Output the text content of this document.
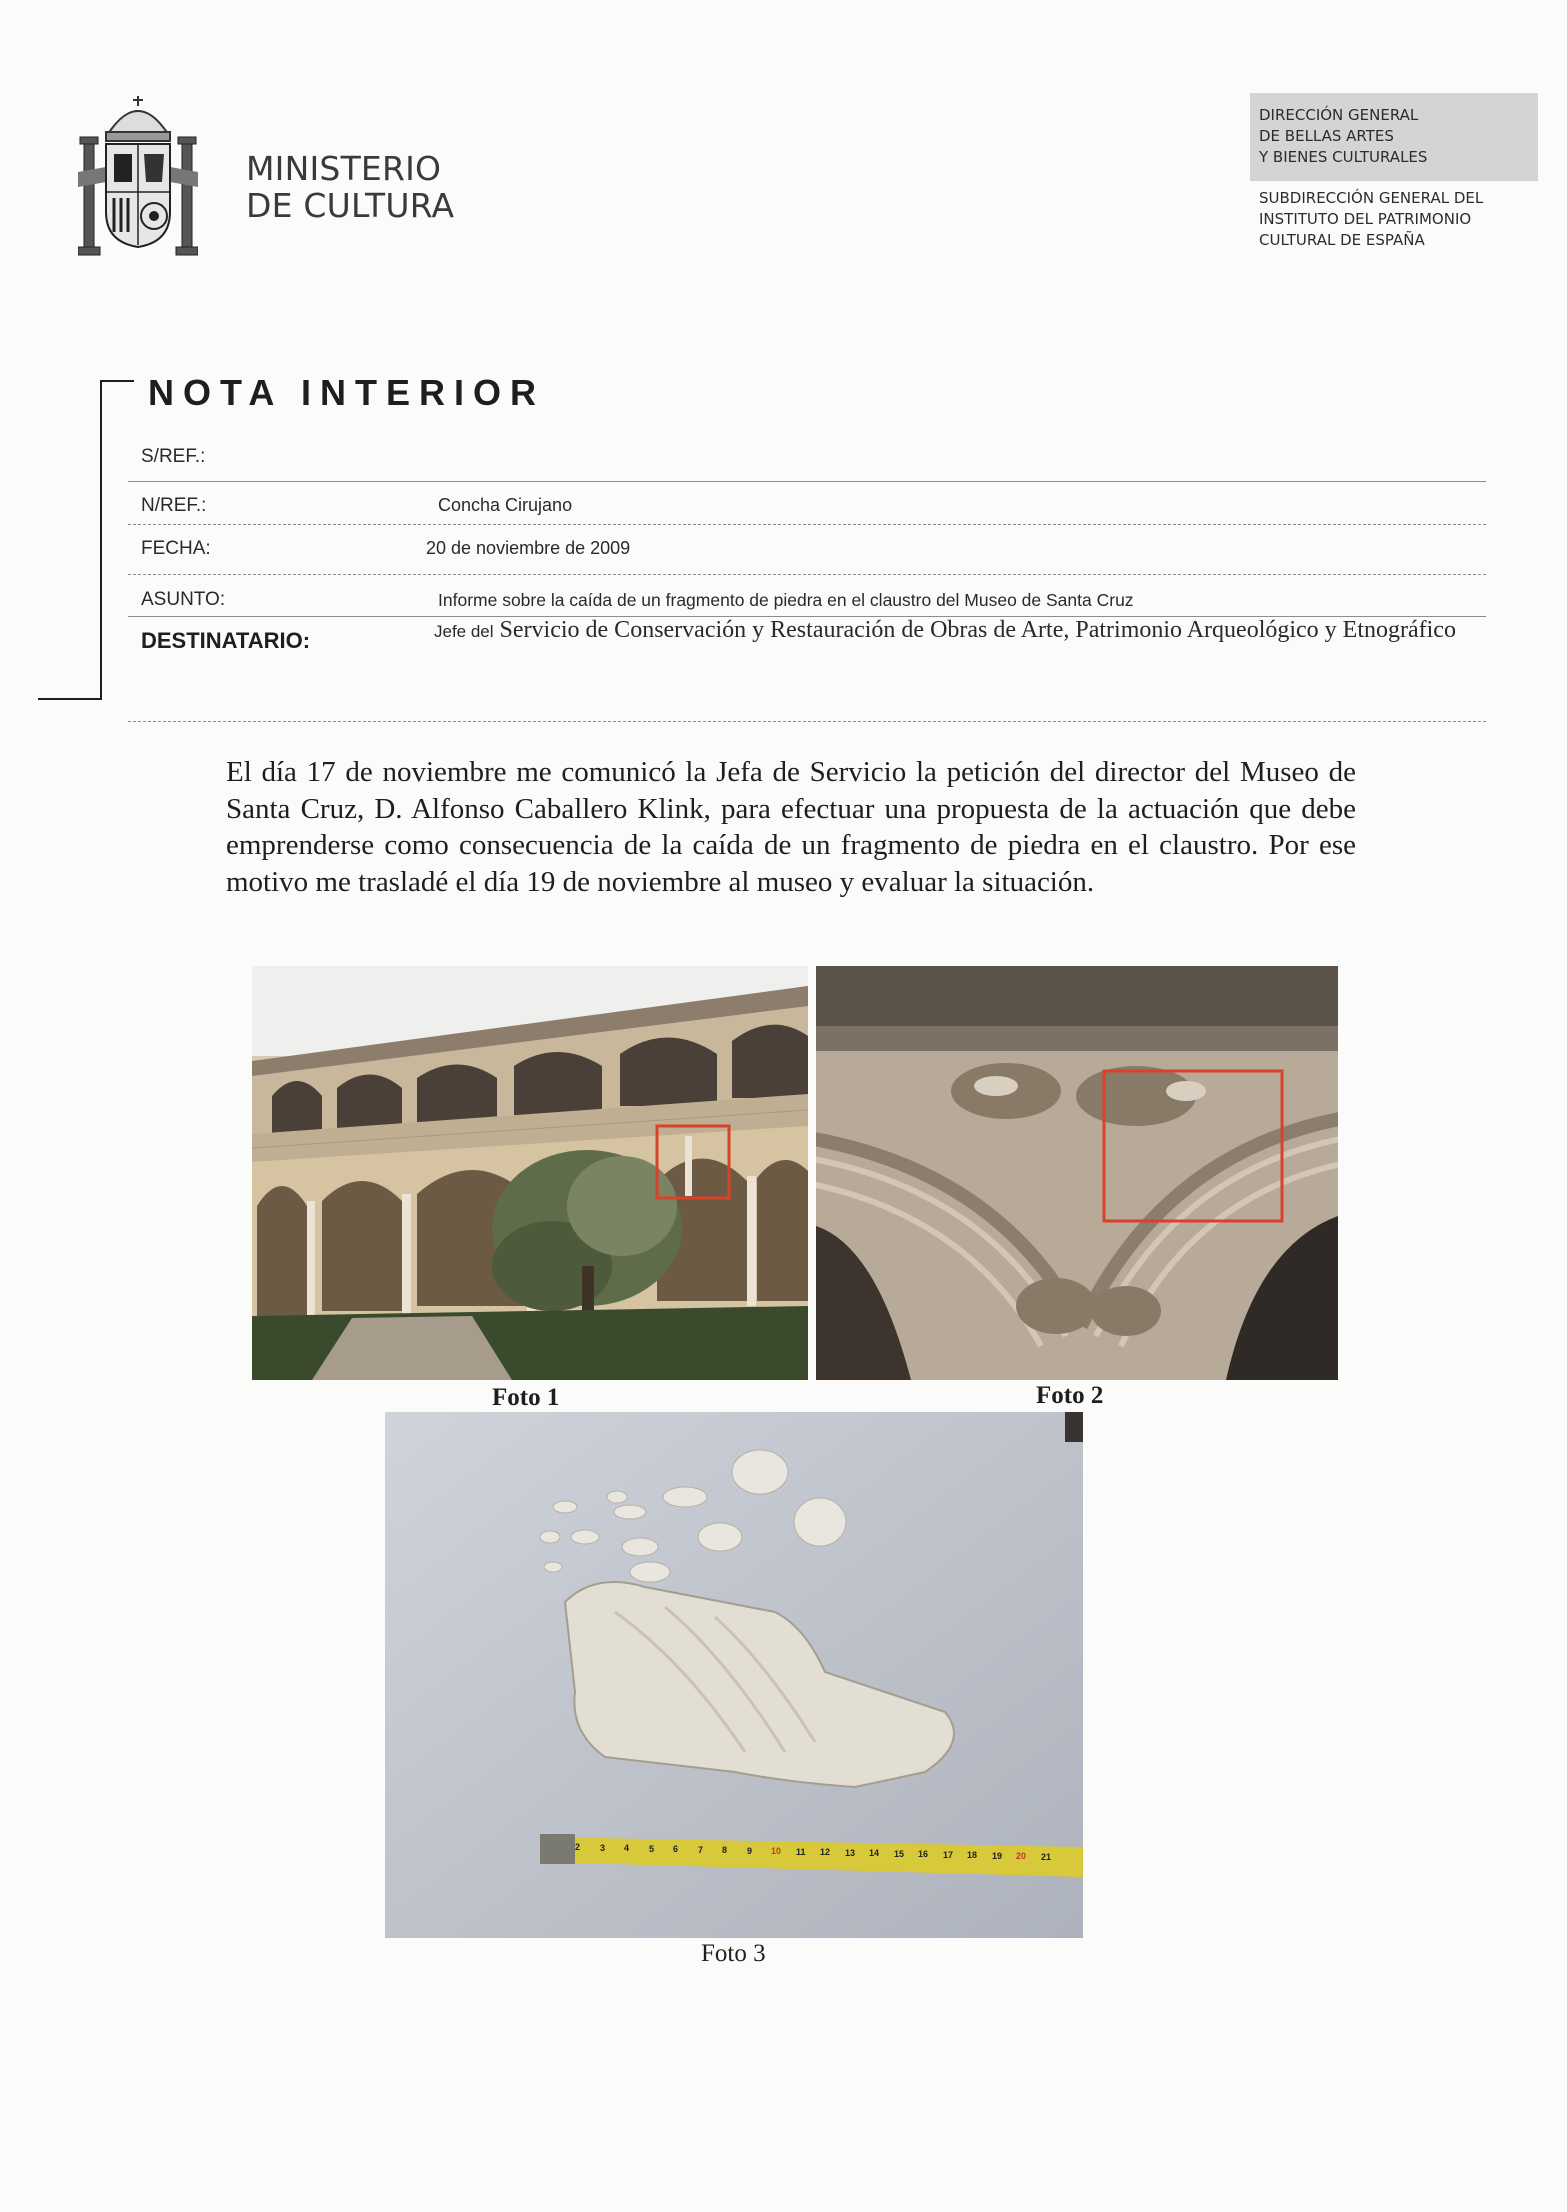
MINISTERIO
DE CULTURA
DIRECCIÓN GENERAL
DE BELLAS ARTES
Y BIENES CULTURALES
SUBDIRECCIÓN GENERAL DEL
INSTITUTO DEL PATRIMONIO
CULTURAL DE ESPAÑA
NOTA INTERIOR
S/REF.:
N/REF.:	Concha Cirujano
FECHA:	20 de noviembre de 2009
ASUNTO:	Informe sobre la caída de un fragmento de piedra en el claustro del Museo de Santa Cruz
DESTINATARIO:	Jefe del Servicio de Conservación y Restauración de Obras de Arte, Patrimonio Arqueológico y Etnográfico
El día 17 de noviembre me comunicó la Jefa de Servicio la petición del director del Museo de Santa Cruz, D. Alfonso Caballero Klink, para efectuar una propuesta de la actuación que debe emprenderse como consecuencia de la caída de un fragmento de piedra en el claustro. Por ese motivo me trasladé el día 19 de noviembre al museo y evaluar la situación.
Foto 1	Foto 2
2 3 4 5 6 7 8 9 10 11 12 13 14 15 16 17 18 19 20 21
Foto 3
